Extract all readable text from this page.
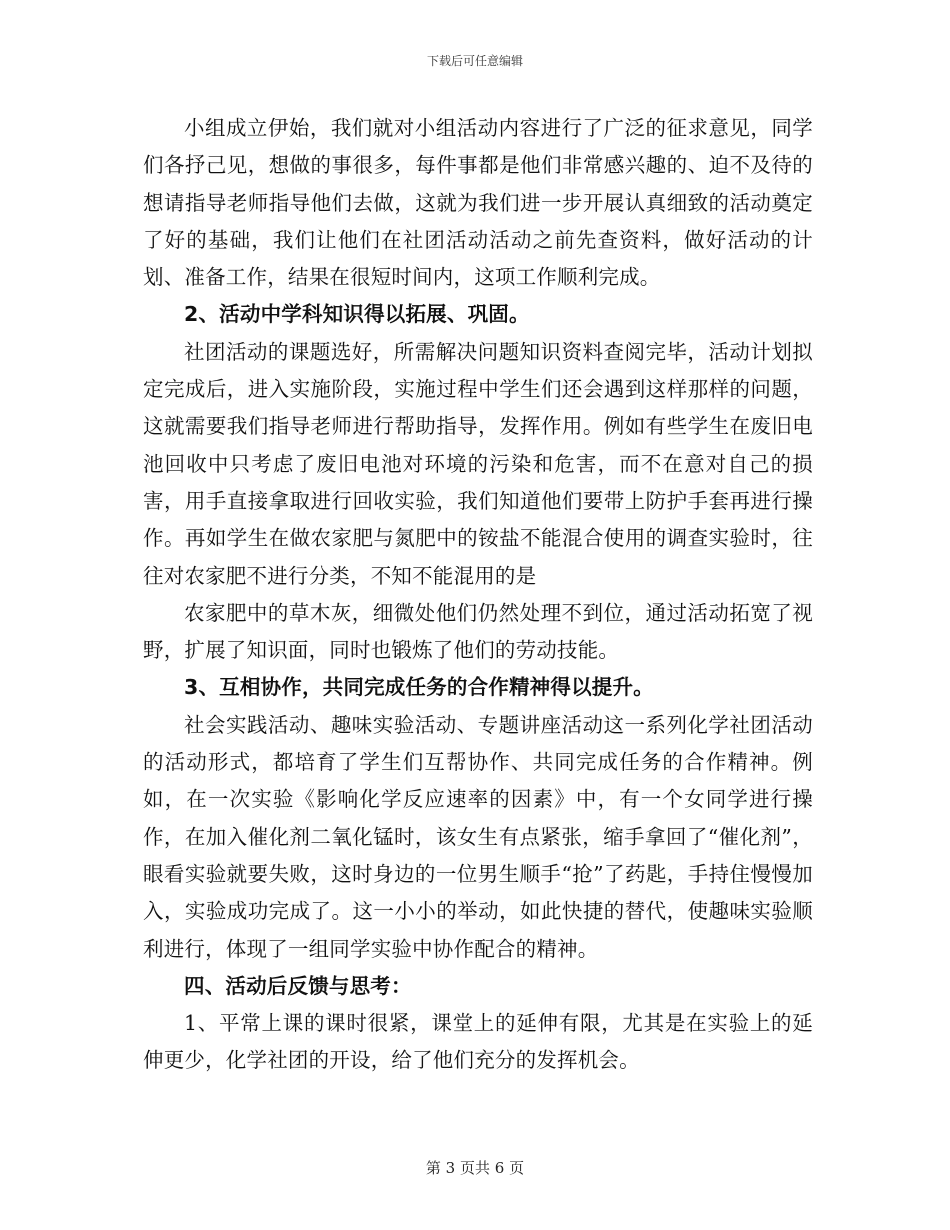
下载后可任意编辑

小组成立伊始，我们就对小组活动内容进行了广泛的征求意见，同学们各抒己见，想做的事很多，每件事都是他们非常感兴趣的、迫不及待的想请指导老师指导他们去做，这就为我们进一步开展认真细致的活动奠定了好的基础，我们让他们在社团活动活动之前先查资料，做好活动的计划、准备工作，结果在很短时间内，这项工作顺利完成。

2、活动中学科知识得以拓展、巩固。

社团活动的课题选好，所需解决问题知识资料查阅完毕，活动计划拟定完成后，进入实施阶段，实施过程中学生们还会遇到这样那样的问题，这就需要我们指导老师进行帮助指导，发挥作用。例如有些学生在废旧电池回收中只考虑了废旧电池对环境的污染和危害，而不在意对自己的损害，用手直接拿取进行回收实验，我们知道他们要带上防护手套再进行操作。再如学生在做农家肥与氮肥中的铵盐不能混合使用的调查实验时，往往对农家肥不进行分类，不知不能混用的是

农家肥中的草木灰，细微处他们仍然处理不到位，通过活动拓宽了视野，扩展了知识面，同时也锻炼了他们的劳动技能。

3、互相协作，共同完成任务的合作精神得以提升。

社会实践活动、趣味实验活动、专题讲座活动这一系列化学社团活动的活动形式，都培育了学生们互帮协作、共同完成任务的合作精神。例如，在一次实验《影响化学反应速率的因素》中，有一个女同学进行操作，在加入催化剂二氧化锰时，该女生有点紧张，缩手拿回了“催化剂”，眼看实验就要失败，这时身边的一位男生顺手“抢”了药匙，手持住慢慢加入，实验成功完成了。这一小小的举动，如此快捷的替代，使趣味实验顺利进行，体现了一组同学实验中协作配合的精神。

四、活动后反馈与思考：

1、平常上课的课时很紧，课堂上的延伸有限，尤其是在实验上的延伸更少，化学社团的开设，给了他们充分的发挥机会。

第 3 页共 6 页
